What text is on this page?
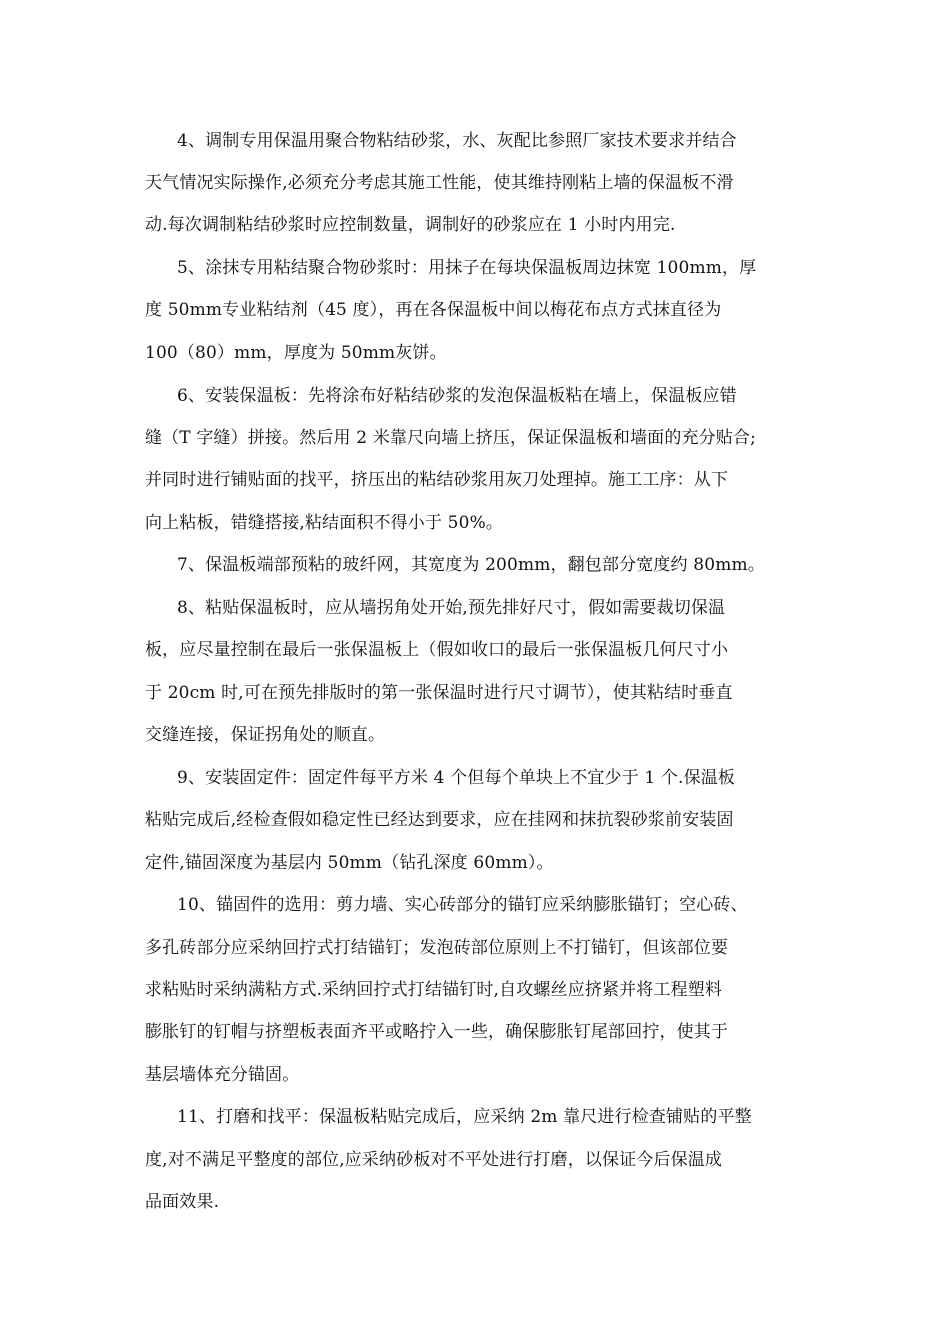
4、调制专用保温用聚合物粘结砂浆，水、灰配比参照厂家技术要求并结合
天气情况实际操作,必须充分考虑其施工性能，使其维持刚粘上墙的保温板不滑
动.每次调制粘结砂浆时应控制数量，调制好的砂浆应在 1 小时内用完.
5、涂抹专用粘结聚合物砂浆时：用抹子在每块保温板周边抹宽 100mm，厚
度 50mm专业粘结剂（45 度），再在各保温板中间以梅花布点方式抹直径为
100（80）mm，厚度为 50mm灰饼。
6、安装保温板：先将涂布好粘结砂浆的发泡保温板粘在墙上，保温板应错
缝（T 字缝）拼接。然后用 2 米靠尺向墙上挤压，保证保温板和墙面的充分贴合;
并同时进行铺贴面的找平，挤压出的粘结砂浆用灰刀处理掉。施工工序：从下
向上粘板，错缝搭接,粘结面积不得小于 50%。
7、保温板端部预粘的玻纤网，其宽度为 200mm，翻包部分宽度约 80mm。
8、粘贴保温板时，应从墙拐角处开始,预先排好尺寸，假如需要裁切保温
板，应尽量控制在最后一张保温板上（假如收口的最后一张保温板几何尺寸小
于 20cm 时,可在预先排版时的第一张保温时进行尺寸调节），使其粘结时垂直
交缝连接，保证拐角处的顺直。
9、安装固定件：固定件每平方米 4 个但每个单块上不宜少于 1 个.保温板
粘贴完成后,经检查假如稳定性已经达到要求，应在挂网和抹抗裂砂浆前安装固
定件,锚固深度为基层内 50mm（钻孔深度 60mm）。
10、锚固件的选用：剪力墙、实心砖部分的锚钉应采纳膨胀锚钉；空心砖、
多孔砖部分应采纳回拧式打结锚钉；发泡砖部位原则上不打锚钉，但该部位要
求粘贴时采纳满粘方式.采纳回拧式打结锚钉时,自攻螺丝应挤紧并将工程塑料
膨胀钉的钉帽与挤塑板表面齐平或略拧入一些，确保膨胀钉尾部回拧，使其于
基层墙体充分锚固。
11、打磨和找平：保温板粘贴完成后，应采纳 2m 靠尺进行检查铺贴的平整
度,对不满足平整度的部位,应采纳砂板对不平处进行打磨，以保证今后保温成
品面效果.
